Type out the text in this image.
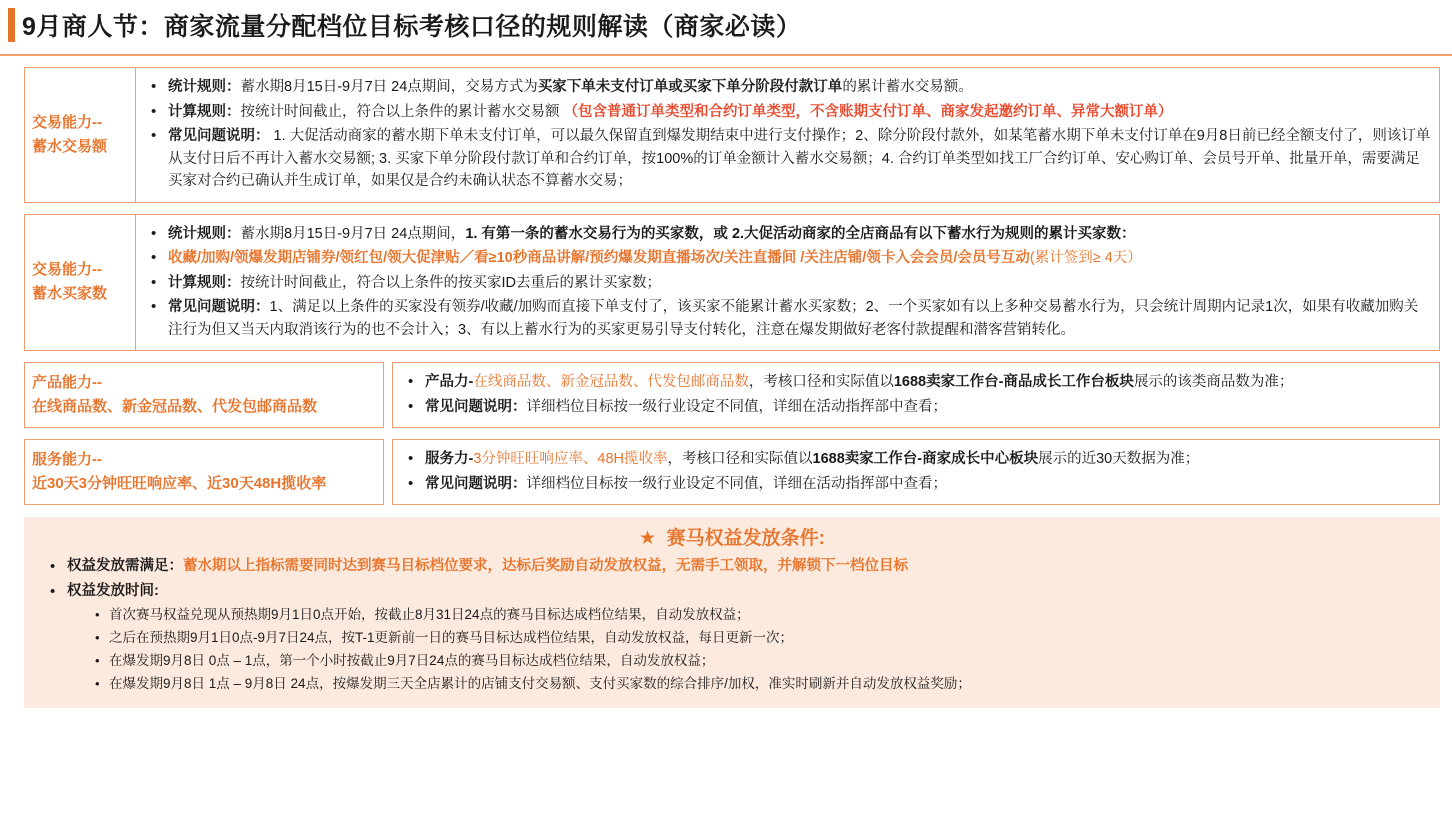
9月商人节：商家流量分配档位目标考核口径的规则解读（商家必读）
交易能力--
蓄水交易额
• 统计规则：蓄水期8月15日-9月7日 24点期间，交易方式为买家下单未支付订单或买家下单分阶段付款订单的累计蓄水交易额。
• 计算规则：按统计时间截止，符合以上条件的累计蓄水交易额 （包含普通订单类型和合约订单类型，不含账期支付订单、商家发起邀约订单、异常大额订单）
• 常见问题说明： 1. 大促活动商家的蓄水期下单未支付订单，可以最久保留直到爆发期结束中进行支付操作；2、除分阶段付款外，如某笔蓄水期下单未支付订单在9月8日前已经全额支付了，则该订单从支付日后不再计入蓄水交易额; 3. 买家下单分阶段付款订单和合约订单，按100%的订单金额计入蓄水交易额；4. 合约订单类型如找工厂合约订单、安心购订单、会员号开单、批量开单，需要满足买家对合约已确认并生成订单，如果仅是合约未确认状态不算蓄水交易；
交易能力--
蓄水买家数
• 统计规则：蓄水期8月15日-9月7日 24点期间，1. 有第一条的蓄水交易行为的买家数，或 2.大促活动商家的全店商品有以下蓄水行为规则的累计买家数：
• 收藏/加购/领爆发期店铺券/领红包/领大促津贴／看≥10秒商品讲解/预约爆发期直播场次/关注直播间 /关注店铺/领卡入会会员/会员号互动(累计签到≥ 4天）
• 计算规则：按统计时间截止，符合以上条件的按买家ID去重后的累计买家数；
• 常见问题说明：1、满足以上条件的买家没有领券/收藏/加购而直接下单支付了，该买家不能累计蓄水买家数；2、一个买家如有以上多种交易蓄水行为，只会统计周期内记录1次，如果有收藏加购关注行为但又当天内取消该行为的也不会计入；3、有以上蓄水行为的买家更易引导支付转化，注意在爆发期做好老客付款提醒和潜客营销转化。
产品能力--
在线商品数、新金冠品数、代发包邮商品数
• 产品力-在线商品数、新金冠品数、代发包邮商品数，考核口径和实际值以1688卖家工作台-商品成长工作台板块展示的该类商品数为准；
• 常见问题说明：详细档位目标按一级行业设定不同值，详细在活动指挥部中查看；
服务能力--
近30天3分钟旺旺响应率、近30天48H揽收率
• 服务力-3分钟旺旺响应率、48H揽收率，考核口径和实际值以1688卖家工作台-商家成长中心板块展示的近30天数据为准；
• 常见问题说明：详细档位目标按一级行业设定不同值，详细在活动指挥部中查看；
★ 赛马权益发放条件:
• 权益发放需满足：蓄水期以上指标需要同时达到赛马目标档位要求，达标后奖励自动发放权益，无需手工领取，并解锁下一档位目标
• 权益发放时间:
• 首次赛马权益兑现从预热期9月1日0点开始，按截止8月31日24点的赛马目标达成档位结果，自动发放权益；
• 之后在预热期9月1日0点-9月7日24点，按T-1更新前一日的赛马目标达成档位结果，自动发放权益，每日更新一次；
• 在爆发期9月8日 0点 – 1点，第一个小时按截止9月7日24点的赛马目标达成档位结果，自动发放权益；
• 在爆发期9月8日 1点 – 9月8日 24点，按爆发期三天全店累计的店铺支付交易额、支付买家数的综合排序/加权，准实时刷新并自动发放权益奖励；
